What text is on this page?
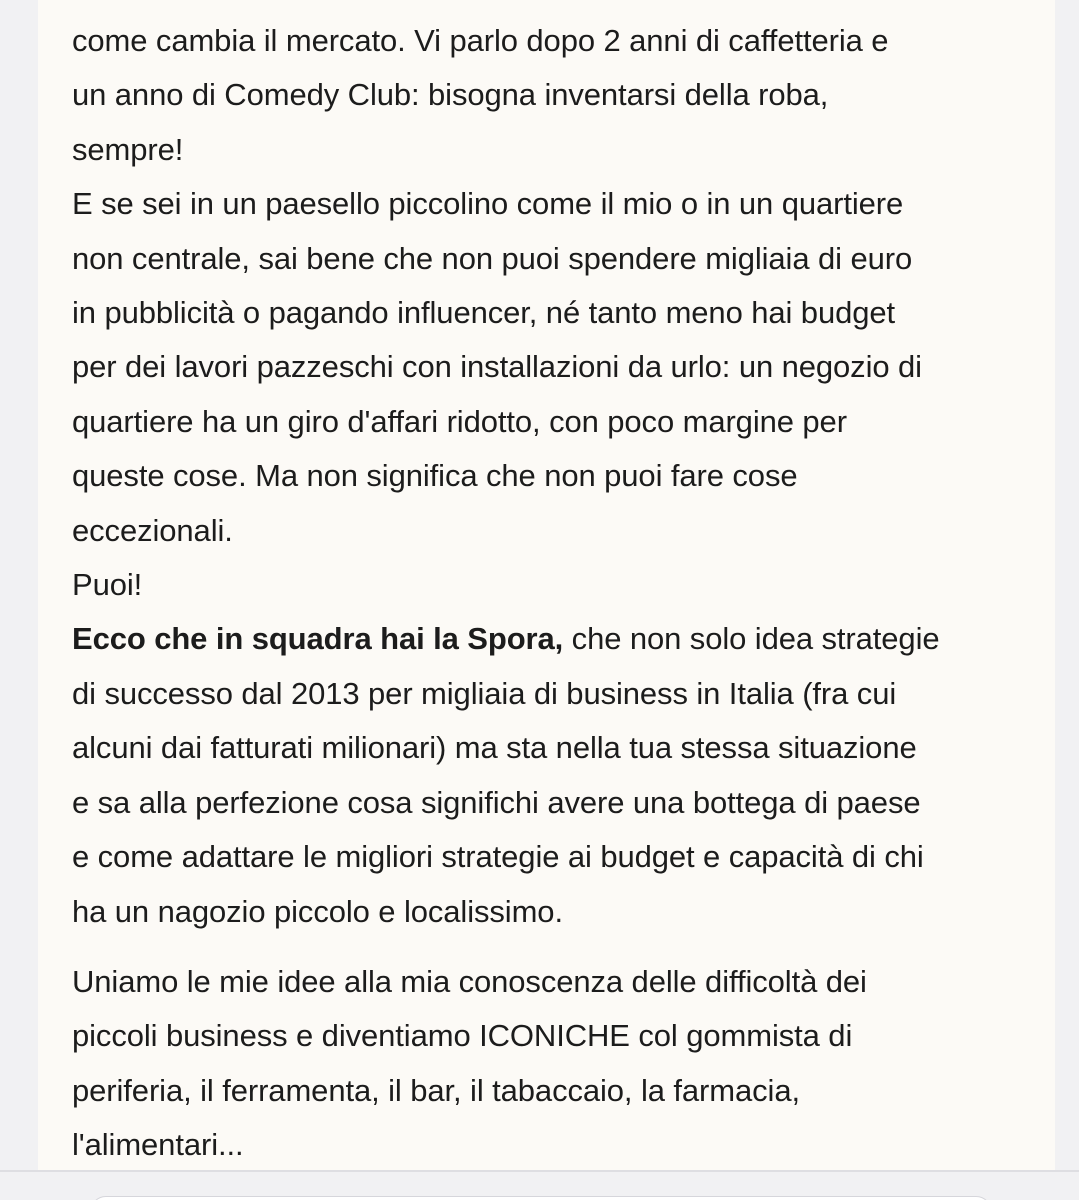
come cambia il mercato. Vi parlo dopo 2 anni di caffetteria e

un anno di Comedy Club: bisogna inventarsi della roba,

sempre!

E se sei in un paesello piccolino come il mio o in un quartiere

non centrale, sai bene che non puoi spendere migliaia di euro

in pubblicità o pagando influencer, né tanto meno hai budget

per dei lavori pazzeschi con installazioni da urlo: un negozio di

quartiere ha un giro d'affari ridotto, con poco margine per

queste cose. Ma non significa che non puoi fare cose

eccezionali.

Puoi!

Ecco che in squadra hai la Spora, che non solo idea strategie

di successo dal 2013 per migliaia di business in Italia (fra cui

alcuni dai fatturati milionari) ma sta nella tua stessa situazione

e sa alla perfezione cosa significhi avere una bottega di paese

e come adattare le migliori strategie ai budget e capacità di chi

ha un nagozio piccolo e localissimo.

Uniamo le mie idee alla mia conoscenza delle difficoltà dei

piccoli business e diventiamo ICONICHE col gommista di

periferia, il ferramenta, il bar, il tabaccaio, la farmacia,

l'alimentari...
